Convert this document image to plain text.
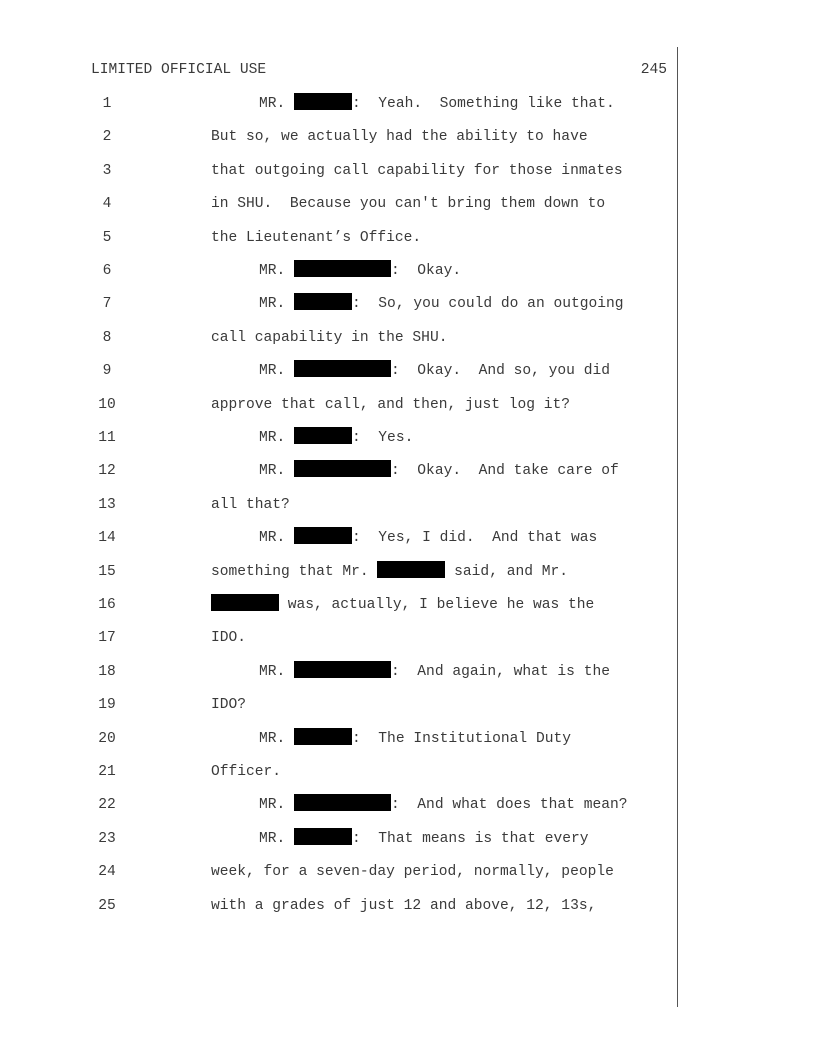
LIMITED OFFICIAL USE	245
1	MR.	:  Yeah.  Something like that.
2	But so, we actually had the ability to have
3	that outgoing call capability for those inmates
4	in SHU.  Because you can't bring them down to
5	the Lieutenant’s Office.
6	MR.	:  Okay.
7	MR.	:  So, you could do an outgoing
8	call capability in the SHU.
9	MR.	:  Okay.  And so, you did
10	approve that call, and then, just log it?
11	MR.	:  Yes.
12	MR.	:  Okay.  And take care of
13	all that?
14	MR.	:  Yes, I did.  And that was
15	something that Mr.	said, and Mr.
16	was, actually, I believe he was the
17	IDO.
18	MR.	:  And again, what is the
19	IDO?
20	MR.	:  The Institutional Duty
21	Officer.
22	MR.	:  And what does that mean?
23	MR.	:  That means is that every
24	week, for a seven-day period, normally, people
25	with a grades of just 12 and above, 12, 13s,
